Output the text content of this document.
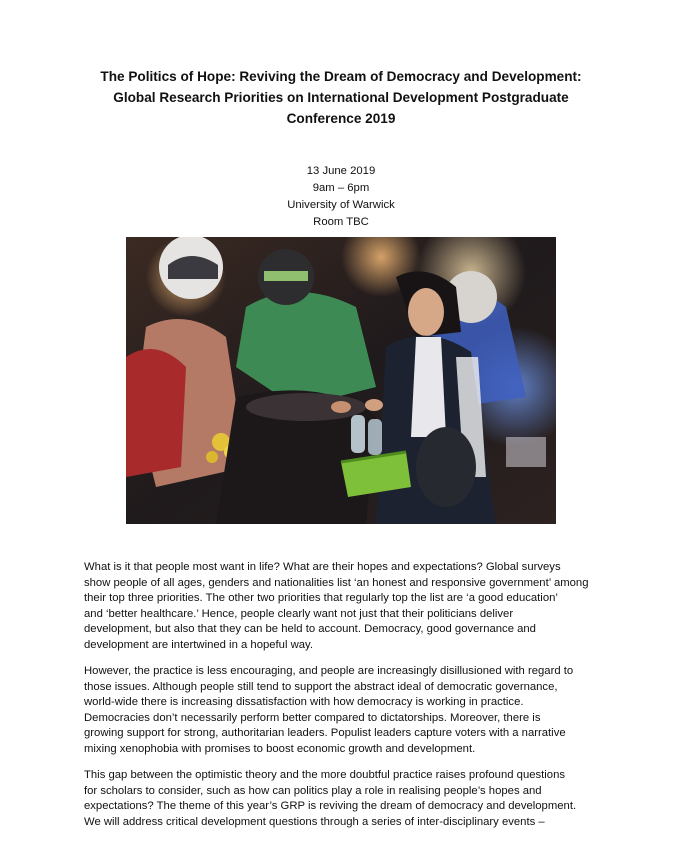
The Politics of Hope: Reviving the Dream of Democracy and Development:
Global Research Priorities on International Development Postgraduate
Conference 2019
13 June 2019
9am – 6pm
University of Warwick
Room TBC
What is it that people most want in life? What are their hopes and expectations? Global surveys
show people of all ages, genders and nationalities list ‘an honest and responsive government’ among
their top three priorities. The other two priorities that regularly top the list are ‘a good education’
and ‘better healthcare.’ Hence, people clearly want not just that their politicians deliver
development, but also that they can be held to account. Democracy, good governance and
development are intertwined in a hopeful way.
However, the practice is less encouraging, and people are increasingly disillusioned with regard to
those issues. Although people still tend to support the abstract ideal of democratic governance,
world-wide there is increasing dissatisfaction with how democracy is working in practice.
Democracies don’t necessarily perform better compared to dictatorships. Moreover, there is
growing support for strong, authoritarian leaders. Populist leaders capture voters with a narrative
mixing xenophobia with promises to boost economic growth and development.
This gap between the optimistic theory and the more doubtful practice raises profound questions
for scholars to consider, such as how can politics play a role in realising people’s hopes and
expectations? The theme of this year’s GRP is reviving the dream of democracy and development.
We will address critical development questions through a series of inter-disciplinary events –
